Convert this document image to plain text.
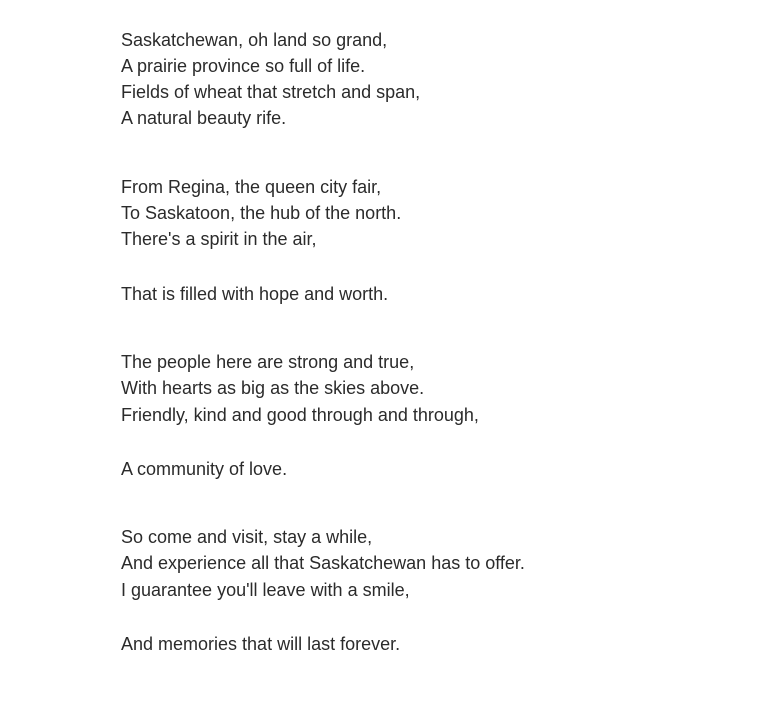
Saskatchewan, oh land so grand,
A prairie province so full of life.
Fields of wheat that stretch and span,
A natural beauty rife.
From Regina, the queen city fair,
To Saskatoon, the hub of the north.
There's a spirit in the air,
That is filled with hope and worth.
The people here are strong and true,
With hearts as big as the skies above.
Friendly, kind and good through and through,
A community of love.
So come and visit, stay a while,
And experience all that Saskatchewan has to offer.
I guarantee you'll leave with a smile,
And memories that will last forever.
